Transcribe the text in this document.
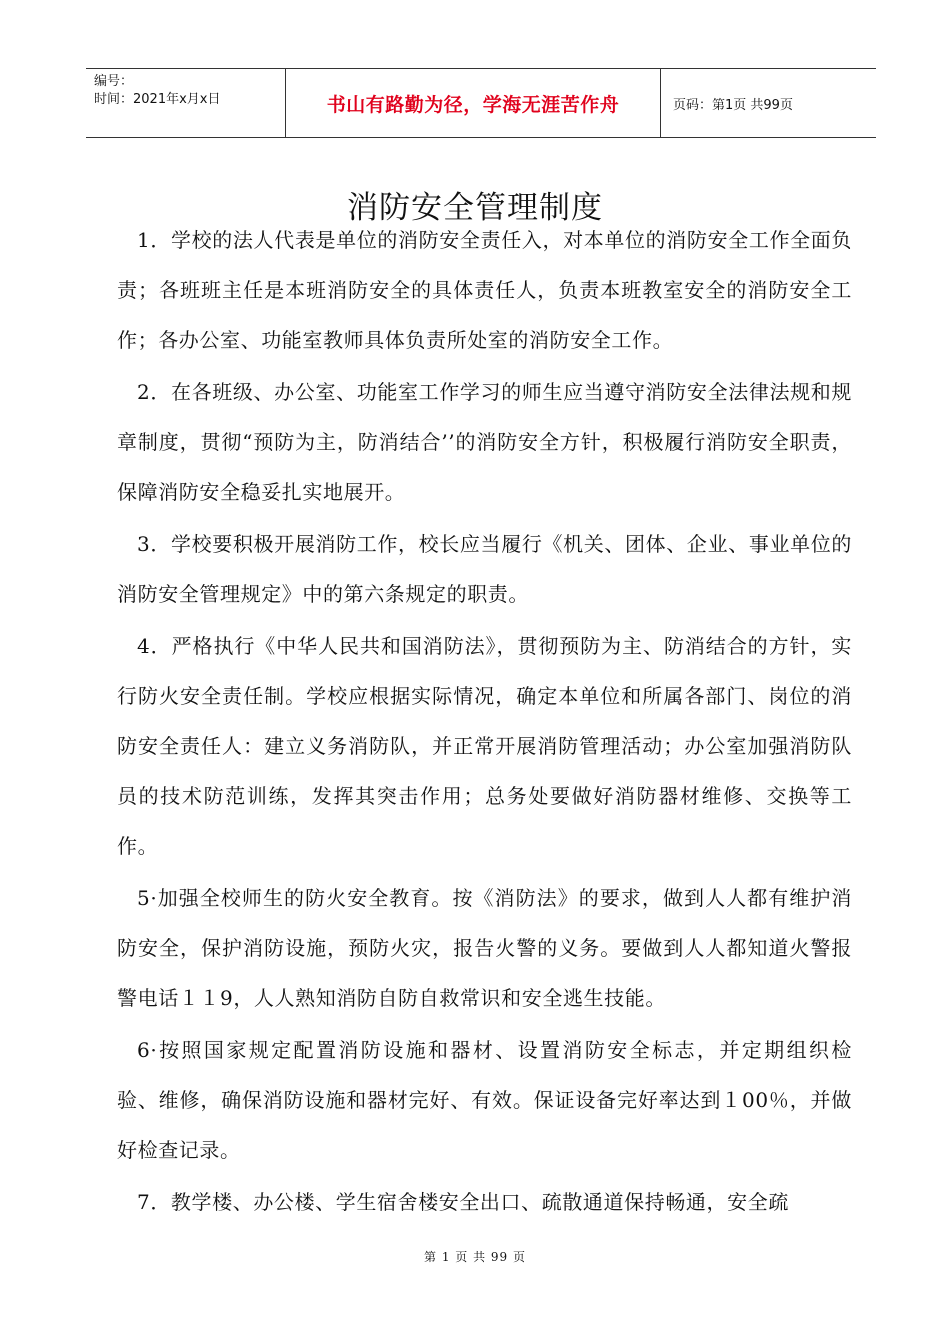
编号：
时间：2021年x月x日	书山有路勤为径，学海无涯苦作舟	页码：第1页 共99页
消防安全管理制度

1．学校的法人代表是单位的消防安全责任入，对本单位的消防安全工作全面负责；各班班主任是本班消防安全的具体责任人，负责本班教室安全的消防安全工作；各办公室、功能室教师具体负责所处室的消防安全工作。

2．在各班级、办公室、功能室工作学习的师生应当遵守消防安全法律法规和规章制度，贯彻“预防为主，防消结合’’的消防安全方针，积极履行消防安全职责，保障消防安全稳妥扎实地展开。

3．学校要积极开展消防工作，校长应当履行《机关、团体、企业、事业单位的消防安全管理规定》中的第六条规定的职责。

4．严格执行《中华人民共和国消防法》，贯彻预防为主、防消结合的方针，实行防火安全责任制。学校应根据实际情况，确定本单位和所属各部门、岗位的消防安全责任人：建立义务消防队，并正常开展消防管理活动；办公室加强消防队员的技术防范训练，发挥其突击作用；总务处要做好消防器材维修、交换等工作。

5·加强全校师生的防火安全教育。按《消防法》的要求，做到人人都有维护消防安全，保护消防设施，预防火灾，报告火警的义务。要做到人人都知道火警报警电话１１9，人人熟知消防自防自救常识和安全逃生技能。

6·按照国家规定配置消防设施和器材、设置消防安全标志，并定期组织检　验、维修，确保消防设施和器材完好、有效。保证设备完好率达到１00％，并做好检查记录。

7．教学楼、办公楼、学生宿舍楼安全出口、疏散通道保持畅通，安全疏

第 1 页 共 99 页
